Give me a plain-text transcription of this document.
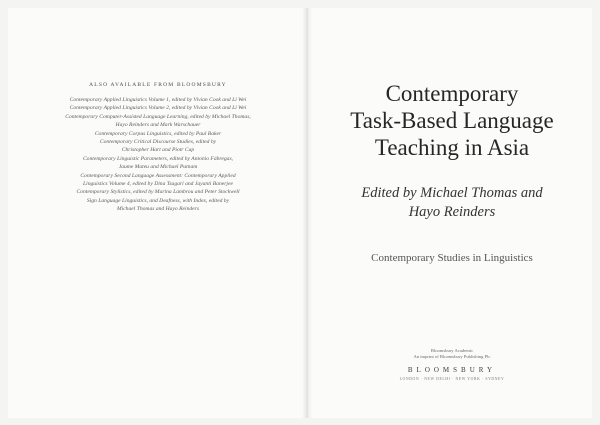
ALSO AVAILABLE FROM BLOOMSBURY
Contemporary Applied Linguistics Volume 1, edited by Vivian Cook and Li Wei
Contemporary Applied Linguistics Volume 2, edited by Vivian Cook and Li Wei
Contemporary Computer-Assisted Language Learning, edited by Michael Thomas,
Hayo Reinders and Mark Warschauer
Contemporary Corpus Linguistics, edited by Paul Baker
Contemporary Critical Discourse Studies, edited by
Christopher Hart and Piotr Cap
Contemporary Linguistic Parameters, edited by Antonio Fábregas,
Jaume Mateu and Michael Putnam
Contemporary Second Language Assessment: Contemporary Applied
Linguistics Volume 4, edited by Dina Tsagari and Jayanti Banerjee
Contemporary Stylistics, edited by Marina Lambrou and Peter Stockwell
Sign Language Linguistics, and Deafness, with Index, edited by
Michael Thomas and Hayo Reinders
Contemporary
Task-Based Language
Teaching in Asia
Edited by Michael Thomas and
Hayo Reinders
Contemporary Studies in Linguistics
Bloomsbury Academic
An imprint of Bloomsbury Publishing Plc
BLOOMSBURY
LONDON · NEW DELHI · NEW YORK · SYDNEY
